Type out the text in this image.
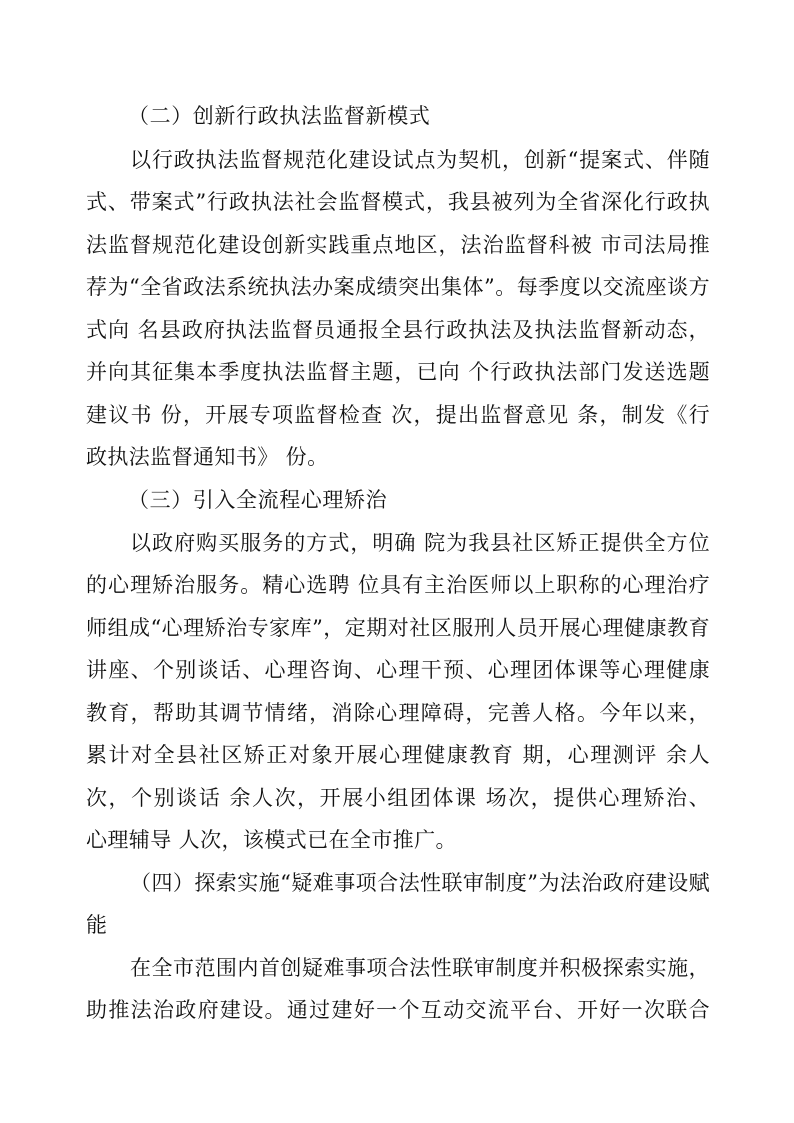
（二）创新行政执法监督新模式

以行政执法监督规范化建设试点为契机，创新“提案式、伴随

式、带案式”行政执法社会监督模式，我县被列为全省深化行政执

法监督规范化建设创新实践重点地区，法治监督科被 市司法局推

荐为“全省政法系统执法办案成绩突出集体”。每季度以交流座谈方

式向 名县政府执法监督员通报全县行政执法及执法监督新动态，

并向其征集本季度执法监督主题，已向 个行政执法部门发送选题

建议书 份，开展专项监督检查 次，提出监督意见 条，制发《行

政执法监督通知书》 份。

（三）引入全流程心理矫治

以政府购买服务的方式，明确 院为我县社区矫正提供全方位

的心理矫治服务。精心选聘 位具有主治医师以上职称的心理治疗

师组成“心理矫治专家库”，定期对社区服刑人员开展心理健康教育

讲座、个别谈话、心理咨询、心理干预、心理团体课等心理健康

教育，帮助其调节情绪，消除心理障碍，完善人格。今年以来，

累计对全县社区矫正对象开展心理健康教育 期，心理测评 余人

次，个别谈话 余人次，开展小组团体课 场次，提供心理矫治、

心理辅导 人次，该模式已在全市推广。

（四）探索实施“疑难事项合法性联审制度”为法治政府建设赋

能

在全市范围内首创疑难事项合法性联审制度并积极探索实施，

助推法治政府建设。通过建好一个互动交流平台、开好一次联合
